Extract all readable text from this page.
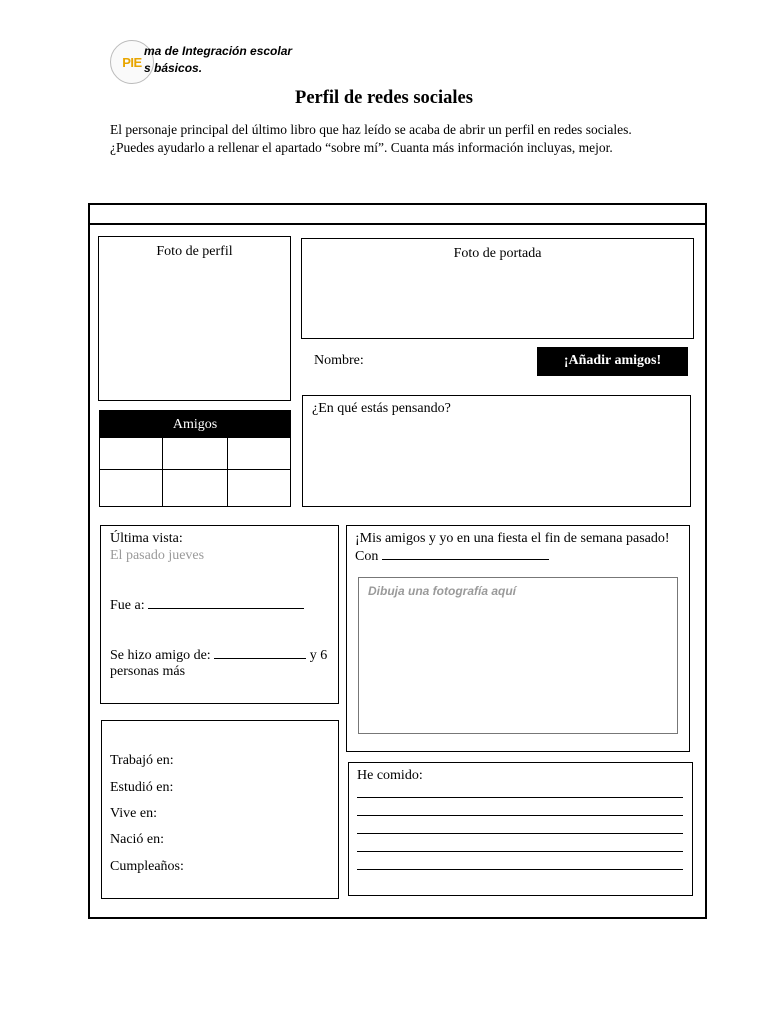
PIE
ma de Integración escolar
s básicos.
Perfil de redes sociales
El personaje principal del último libro que haz leído se acaba de abrir un perfil en redes sociales. ¿Puedes ayudarlo a rellenar el apartado “sobre mí”. Cuanta más información incluyas, mejor.
Foto de perfil	Foto de portada
Nombre:	¡Añadir amigos!
Amigos
¿En qué estás pensando?
Última vista:
El pasado jueves
Fue a:
Se hizo amigo de:	y 6
personas más
¡Mis amigos y yo en una fiesta el fin de semana pasado!
Con
Dibuja una fotografía aquí
Trabajó en:
Estudió en:
Vive en:
Nació en:
Cumpleaños:
He comido:
